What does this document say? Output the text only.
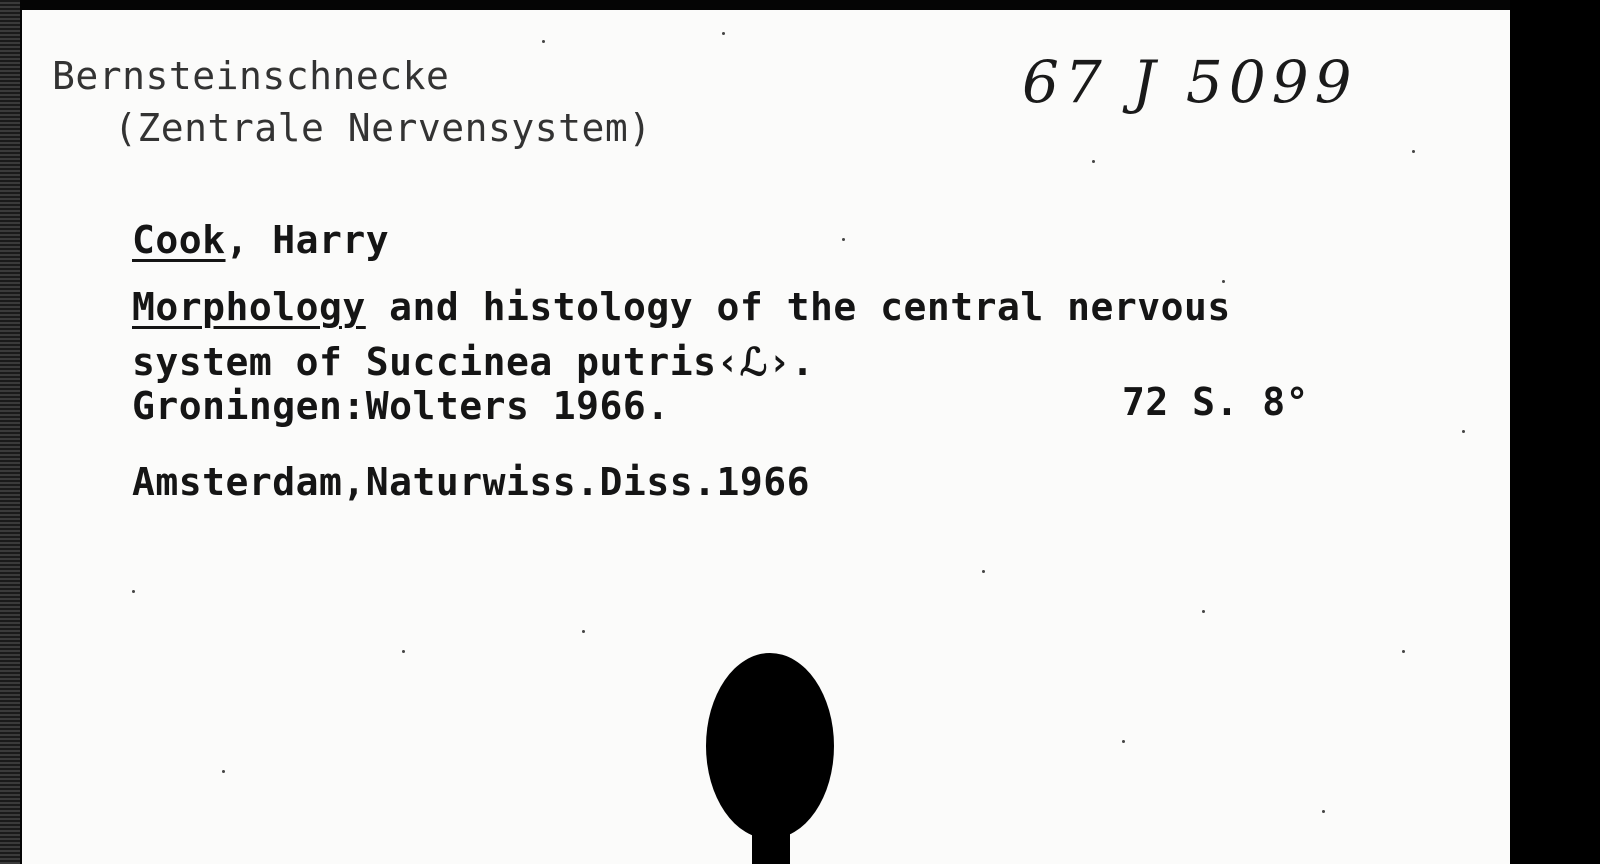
Bernsteinschnecke
(Zentrale Nervensystem)
67 J 5099
Cook, Harry
Morphology and histology of the central nervous
system of Succinea putris‹ℒ›.
Groningen:Wolters 1966.	72 S. 8°
Amsterdam,Naturwiss.Diss.1966
